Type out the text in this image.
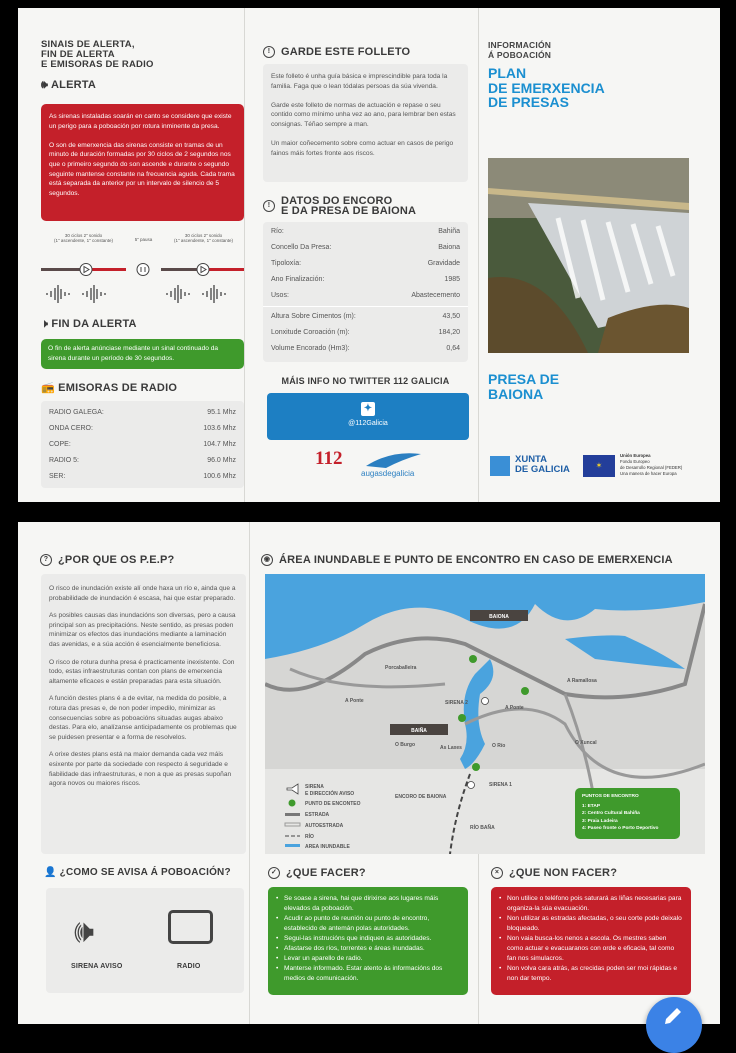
SINAIS DE ALERTA,
FIN DE ALERTA
E EMISORAS DE RADIO
🕪 ALERTA

As sirenas instaladas soarán en canto se considere que existe un perigo para a poboación por rotura inminente da presa.

O son de emerxencia das sirenas consiste en tramas de un minuto de duración formadas por 30 ciclos de 2 segundos nos que o primeiro segundo do son ascende e durante o segundo seguinte mantense constante na frecuencia aguda. Cada trama está separada da anterior por un intervalo de silencio de 5 segundos.

30 ciclos 2" sonido
(1" ascendente, 1" constante)	5" pausa
30 ciclos 2" sonido
(1" ascendente, 1" constante)
🕨 FIN DA ALERTA
O fin de alerta anúnciase mediante un sinal continuado da sirena durante un período de 30 segundos.
📻 EMISORAS DE RADIO
RADIO GALEGA:	95.1 Mhz
ONDA CERO:	103.6 Mhz
COPE:	104.7 Mhz
RADIO 5:	96.0 Mhz
SER:	100.6 Mhz
! GARDE ESTE FOLLETO

Este folleto é unha guía básica e imprescindible para toda la familia. Faga que o lean tódalas persoas da súa vivenda.

Garde este folleto de normas de actuación e repase o seu contido como mínimo unha vez ao ano, para lembrar ben estas consignas. Téñao sempre a man.

Un maior coñecemento sobre como actuar en casos de perigo fainos máis fortes fronte aos riscos.

! DATOS DO ENCORO
E DA PRESA DE BAIONA
Río:	Bahiña
Concello Da Presa:	Baiona
Tipoloxía:	Gravidade
Ano Finalización:	1985
Usos:	Abastecemento
Altura Sobre Cimentos (m):	43,50
Lonxitude Coroación (m):	184,20
Volume Encorado (Hm3):	0,64
MÁIS INFO NO TWITTER 112 GALICIA
✦
@112Galicia
112
augasdegalicia
INFORMACIÓN
Á POBOACIÓN
PLAN
DE EMERXENCIA
DE PRESAS
PRESA DE
BAIONA
XUNTA
DE GALICIA	✶
Unión Europea
Fondo Europeo
de Desarrollo Regional (FEDER)
Una manera de hacer Europa
? ¿POR QUE OS P.E.P?

O risco de inundación existe alí onde haxa un río e, ainda que a probabilidade de inundación é escasa, hai que estar preparado.

As posibles causas das inundacións son diversas, pero a causa principal son as precipitacións. Neste sentido, as presas poden minimizar os efectos das inundacións mediante a laminación das avenidas, e a súa acción é esencialmente beneficiosa.

O risco de rotura dunha presa é practicamente inexistente. Con todo, estas infraestruturas contan con plans de emerxencia altamente eficaces e están preparadas para esta situación.

A función destes plans é a de evitar, na medida do posible, a rotura das presas e, de non poder impedilo, minimizar as consecuencias sobre as poboacións situadas augas abaixo destas. Para elo, analízanse anticipadamente os problemas que se puidesen presentar e a forma de resolvelos.

A orixe destes plans está na maior demanda cada vez máis esixente por parte da sociedade con respecto á seguridade e fiabilidade das infraestruturas, e non a que as presas supoñan agora novos ou maiores riscos.

◉ ÁREA INUNDABLE E PUNTO DE ENCONTRO EN CASO DE EMERXENCIA
BAIONA
BAIÑA
Porcaballeira
A Ponte
A Ponte
A Ramallosa
O Burgo	As Laxes	O Río	O Xuncal
SIRENA 2
SIRENA 1
ENCORO DE BAIONA
RÍO BAÑA
SIRENA
E DIRECCIÓN AVISO
PUNTO DE ENCONTEO
ESTRADA
AUTOESTRADA
RÍO
AREA INUNDABLE
PUNTOS DE ENCONTRO
1: ETAP
2: Centro Cultural Bahiña
3: Praia Ladeira
4: Paseo fronte o Porto Deportivo
👤 ¿COMO SE AVISA Á POBOACIÓN?
🕪
SIRENA AVISO	RADIO
✓ ¿QUE FACER?
• Se soase a sirena, hai que dirixirse aos lugares máis elevados da poboación.
• Acudir ao punto de reunión ou punto de encontro, establecido de antemán polas autoridades.
• Segui-las instrucións que indiquen as autoridades.
• Afastarse dos ríos, torrentes e áreas inundadas.
• Levar un aparello de radio.
• Manterse informado. Estar atento ás informacións dos medios de comunicación.
× ¿QUE NON FACER?
• Non utilice o teléfono pois saturará as liñas necesarias para organiza-la súa evacuación.
• Non utilizar as estradas afectadas, o seu corte pode deixalo bloqueado.
• Non vaia busca-los nenos a escola. Os mestres saben como actuar e evacuaranos con orde e eficacia, tal como fan nos simulacros.
• Non volva cara atrás, as crecidas poden ser moi rápidas e non dar tempo.
